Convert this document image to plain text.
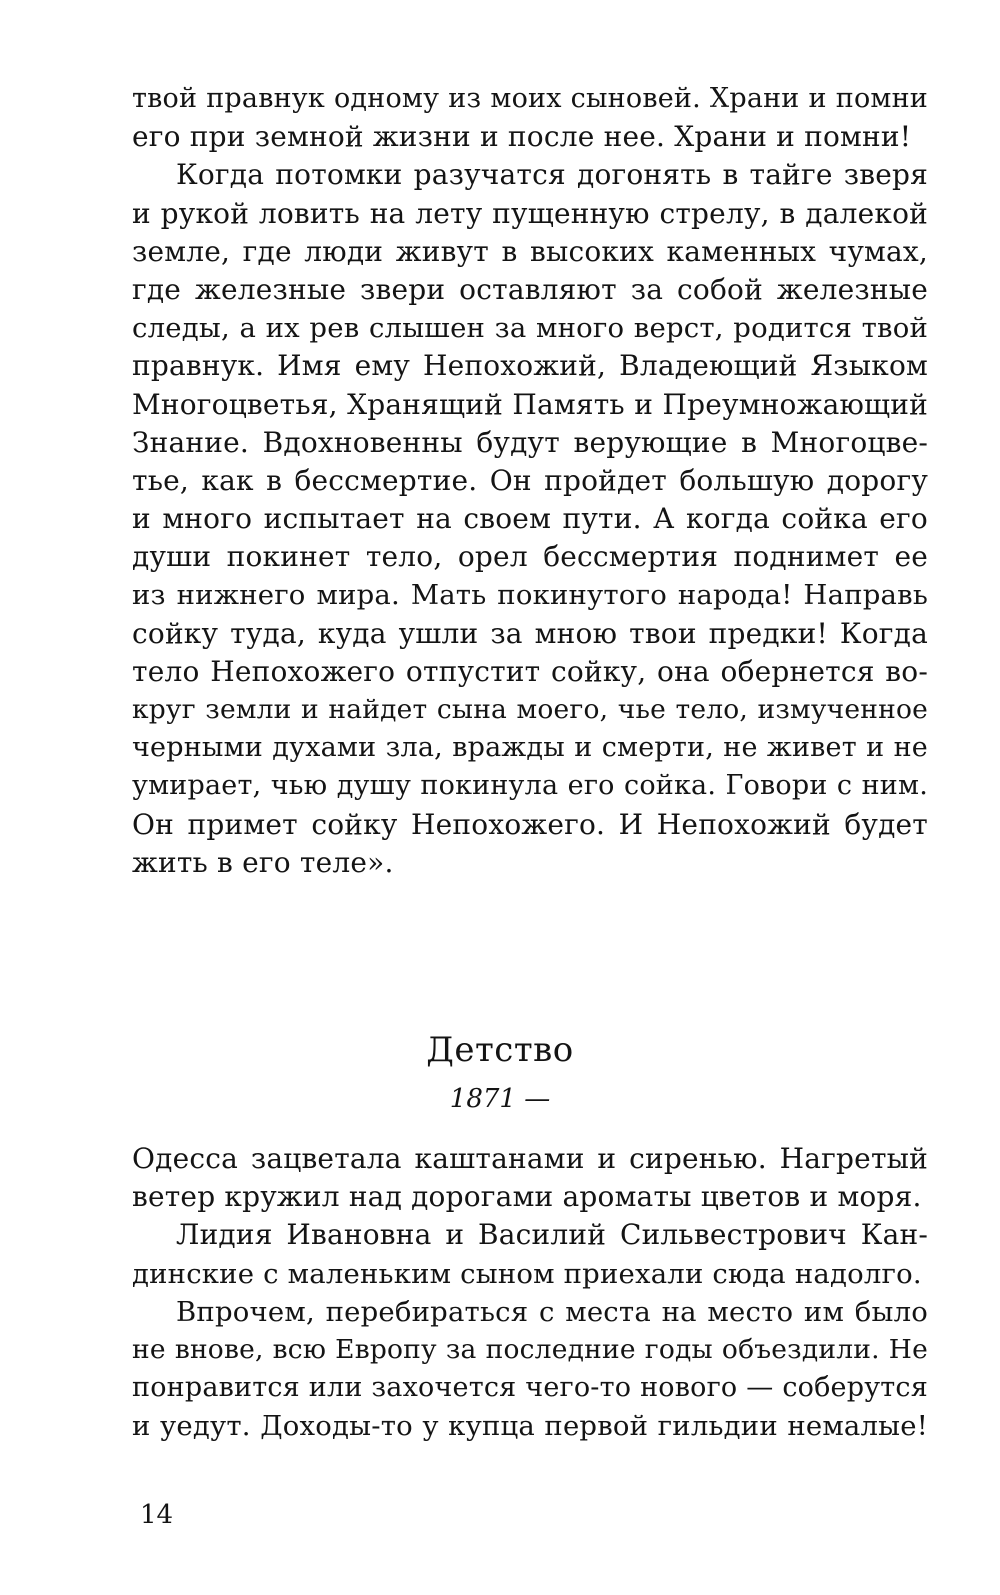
твой правнук одному из моих сыновей. Храни и помни
его при земной жизни и после нее. Храни и помни!
Когда потомки разучатся догонять в тайге зверя
и рукой ловить на лету пущенную стрелу, в далекой
земле, где люди живут в высоких каменных чумах,
где железные звери оставляют за собой железные
следы, а их рев слышен за много верст, родится твой
правнук. Имя ему Непохожий, Владеющий Языком
Многоцветья, Хранящий Память и Преумножающий
Знание. Вдохновенны будут верующие в Многоцве-
тье, как в бессмертие. Он пройдет большую дорогу
и много испытает на своем пути. А когда сойка его
души покинет тело, орел бессмертия поднимет ее
из нижнего мира. Мать покинутого народа! Направь
сойку туда, куда ушли за мною твои предки! Когда
тело Непохожего отпустит сойку, она обернется во-
круг земли и найдет сына моего, чье тело, измученное
черными духами зла, вражды и смерти, не живет и не
умирает, чью душу покинула его сойка. Говори с ним.
Он примет сойку Непохожего. И Непохожий будет
жить в его теле».
Детство
1871 —
Одесса зацветала каштанами и сиренью. Нагретый
ветер кружил над дорогами ароматы цветов и моря.
Лидия Ивановна и Василий Сильвестрович Кан-
динские с маленьким сыном приехали сюда надолго.
Впрочем, перебираться с места на место им было
не внове, всю Европу за последние годы объездили. Не
понравится или захочется чего-то нового — соберутся
и уедут. Доходы-то у купца первой гильдии немалые!
14
